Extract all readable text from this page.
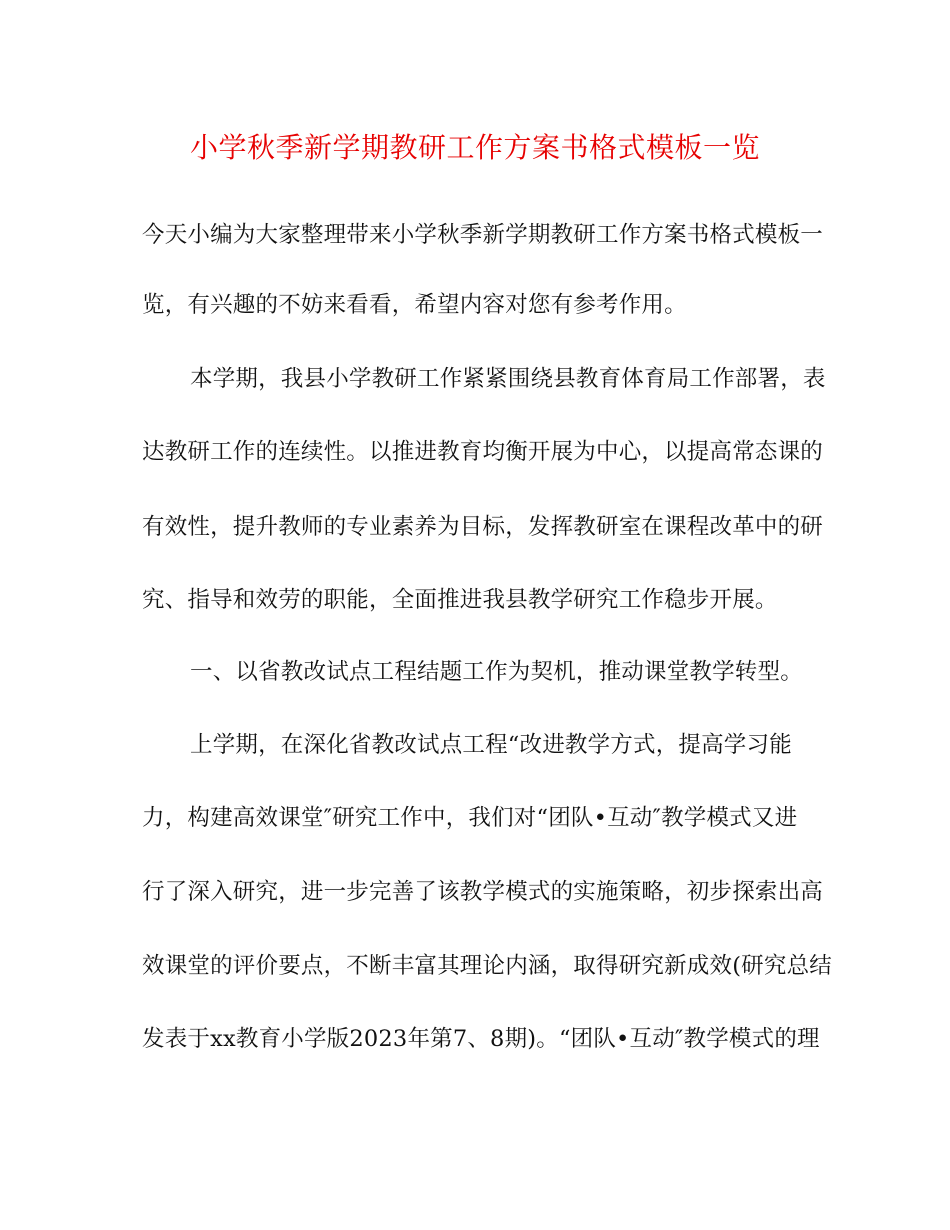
小学秋季新学期教研工作方案书格式模板一览
今天小编为大家整理带来小学秋季新学期教研工作方案书格式模板一
览，有兴趣的不妨来看看，希望内容对您有参考作用。
本学期，我县小学教研工作紧紧围绕县教育体育局工作部署，表
达教研工作的连续性。以推进教育均衡开展为中心，以提高常态课的
有效性，提升教师的专业素养为目标，发挥教研室在课程改革中的研
究、指导和效劳的职能，全面推进我县教学研究工作稳步开展。
一、以省教改试点工程结题工作为契机，推动课堂教学转型。
上学期，在深化省教改试点工程“改进教学方式，提高学习能
力，构建高效课堂″研究工作中，我们对“团队•互动″教学模式又进
行了深入研究，进一步完善了该教学模式的实施策略，初步探索出高
效课堂的评价要点，不断丰富其理论内涵，取得研究新成效(研究总结
发表于xx教育小学版2023年第7、8期)。“团队•互动″教学模式的理
